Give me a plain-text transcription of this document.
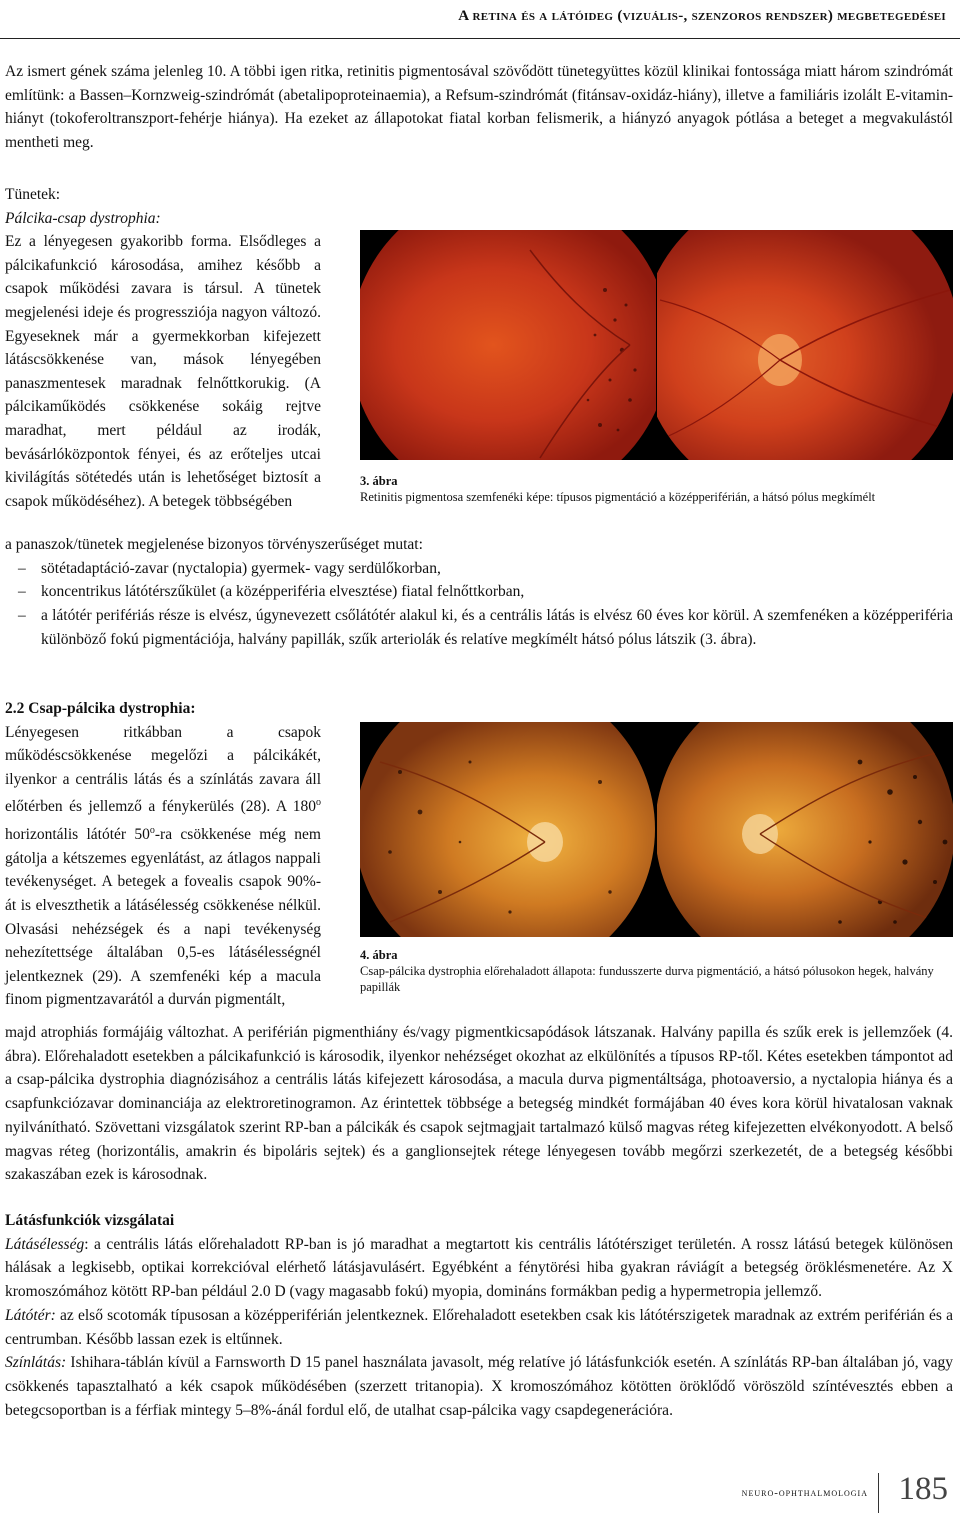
A retina és a látóideg (vizuális-, szenzoros rendszer) megbetegedései

Az ismert gének száma jelenleg 10. A többi igen ritka, retinitis pigmentosával szövődött tünetegyüttes közül klinikai fontossága miatt három szindrómát említünk: a Bassen–Kornzweig-szindrómát (abetalipoproteinaemia), a Refsum-szindrómát (fitánsav-oxidáz-hiány), illetve a familiáris izolált E-vitamin-hiányt (tokoferoltranszport-fehérje hiánya). Ha ezeket az állapotokat fiatal korban felismerik, a hiányzó anyagok pótlása a beteget a megvakulástól mentheti meg.

Tünetek:
Pálcika-csap dystrophia:
Ez a lényegesen gyakoribb forma. Elsődleges a pálcikafunkció károsodása, amihez később a csapok működési zavara is társul. A tünetek megjelenési ideje és progressziója nagyon változó. Egyeseknek már a gyermekkorban kifejezett látáscsökkenése van, mások lényegében panaszmentesek maradnak felnőttkorukig. (A pálcikaműködés csökkenése sokáig rejtve maradhat, mert például az irodák, bevásárlóközpontok fényei, és az erőteljes utcai kivilágítás sötétedés után is lehetőséget biztosít a csapok működéséhez). A betegek többségében
a panaszok/tünetek megjelenése bizonyos törvényszerűséget mutat:
– sötétadaptáció-zavar (nyctalopia) gyermek- vagy serdülőkorban,
– koncentrikus látótérszűkület (a középperiféria elvesztése) fiatal felnőttkorban,
– a látótér perifériás része is elvész, úgynevezett csőlátótér alakul ki, és a centrális látás is elvész 60 éves kor körül. A szemfenéken a középperiféria különböző fokú pigmentációja, halvány papillák, szűk arteriolák és relatíve megkímélt hátsó pólus látszik (3. ábra).
3. ábra
Retinitis pigmentosa szemfenéki képe: típusos pigmentáció a középperiférián, a hátsó pólus megkímélt
2.2 Csap-pálcika dystrophia:
Lényegesen ritkábban a csapok működéscsökkenése megelőzi a pálcikákét, ilyenkor a centrális látás és a színlátás zavara áll előtérben és jellemző a fénykerülés (28). A 180$^o$ horizontális látótér 50$^o$-ra csökkenése még nem gátolja a kétszemes egyenlátást, az átlagos nappali tevékenységet. A betegek a fovealis csapok 90%-át is elveszthetik a látásélesség csökkenése nélkül. Olvasási nehézségek és a napi tevékenység nehezítettsége általában 0,5-es látásélességnél jelentkeznek (29). A szemfenéki kép a macula finom pigmentzavarától a durván pigmentált,
majd atrophiás formájáig változhat. A periférián pigmenthiány és/vagy pigmentkicsapódások látszanak. Halvány papilla és szűk erek is jellemzőek (4. ábra). Előrehaladott esetekben a pálcikafunkció is károsodik, ilyenkor nehézséget okozhat az elkülönítés a típusos RP-től. Kétes esetekben támpontot ad a csap-pálcika dystrophia diagnózisához a centrális látás kifejezett károsodása, a macula durva pigmentáltsága, photoaversio, a nyctalopia hiánya és a csapfunkciózavar dominanciája az elektroretinogramon. Az érintettek többsége a betegség mindkét formájában 40 éves kora körül hivatalosan vaknak nyilvánítható. Szövettani vizsgálatok szerint RP-ban a pálcikák és csapok sejtmagjait tartalmazó külső magvas réteg kifejezetten elvékonyodott. A belső magvas réteg (horizontális, amakrin és bipoláris sejtek) és a ganglionsejtek rétege lényegesen tovább megőrzi szerkezetét, de a betegség későbbi szakaszában ezek is károsodnak.
4. ábra
Csap-pálcika dystrophia előrehaladott állapota: fundusszerte durva pigmentáció, a hátsó pólusokon hegek, halvány papillák
Látásfunkciók vizsgálatai
Látásélesség: a centrális látás előrehaladott RP-ban is jó maradhat a megtartott kis centrális látótérsziget területén. A rossz látású betegek különösen hálásak a legkisebb, optikai korrekcióval elérhető látásjavulásért. Egyébként a fénytörési hiba gyakran ráviágít a betegség öröklésmenetére. Az X kromoszómához kötött RP-ban például 2.0 D (vagy magasabb fokú) myopia, domináns formákban pedig a hypermetropia jellemző.
Látótér: az első scotomák típusosan a középperiférián jelentkeznek. Előrehaladott esetekben csak kis látótérszigetek maradnak az extrém periférián és a centrumban. Később lassan ezek is eltűnnek.
Színlátás: Ishihara-táblán kívül a Farnsworth D 15 panel használata javasolt, még relatíve jó látásfunkciók esetén. A színlátás RP-ban általában jó, vagy csökkenés tapasztalható a kék csapok működésében (szerzett tritanopia). X kromoszómához kötötten öröklődő vöröszöld színtévesztés ebben a betegcsoportban is a férfiak mintegy 5–8%-ánál fordul elő, de utalhat csap-pálcika vagy csapdegenerációra.
neuro-ophthalmologia 185
